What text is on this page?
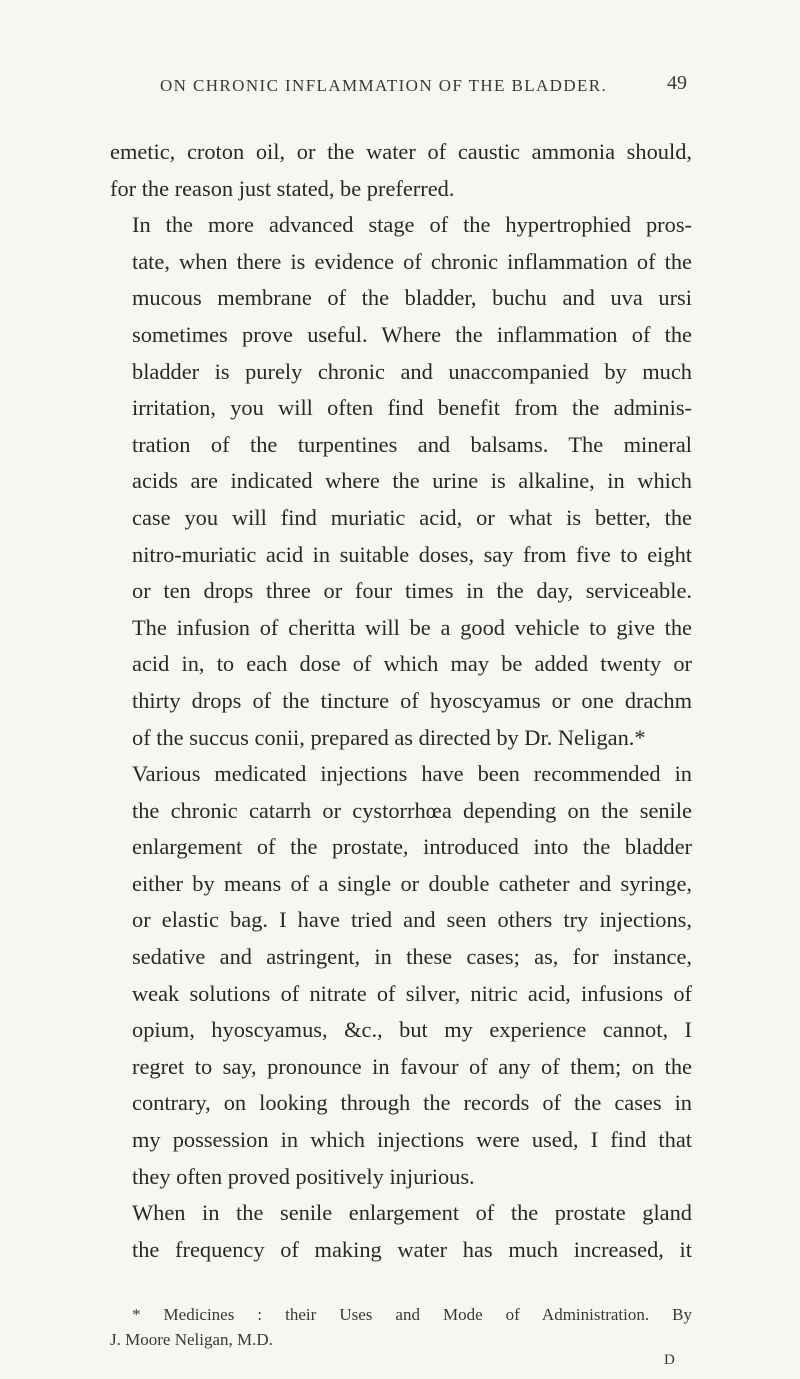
ON CHRONIC INFLAMMATION OF THE BLADDER.	49

emetic, croton oil, or the water of caustic ammonia should,
for the reason just stated, be preferred.

In the more advanced stage of the hypertrophied pros-
tate, when there is evidence of chronic inflammation of the
mucous membrane of the bladder, buchu and uva ursi
sometimes prove useful. Where the inflammation of the
bladder is purely chronic and unaccompanied by much
irritation, you will often find benefit from the adminis-
tration of the turpentines and balsams. The mineral
acids are indicated where the urine is alkaline, in which
case you will find muriatic acid, or what is better, the
nitro-muriatic acid in suitable doses, say from five to eight
or ten drops three or four times in the day, serviceable.
The infusion of cheritta will be a good vehicle to give the
acid in, to each dose of which may be added twenty or
thirty drops of the tincture of hyoscyamus or one drachm
of the succus conii, prepared as directed by Dr. Neligan.*

Various medicated injections have been recommended in
the chronic catarrh or cystorrhœa depending on the senile
enlargement of the prostate, introduced into the bladder
either by means of a single or double catheter and syringe,
or elastic bag. I have tried and seen others try injections,
sedative and astringent, in these cases; as, for instance,
weak solutions of nitrate of silver, nitric acid, infusions of
opium, hyoscyamus, &c., but my experience cannot, I
regret to say, pronounce in favour of any of them; on the
contrary, on looking through the records of the cases in
my possession in which injections were used, I find that
they often proved positively injurious.

When in the senile enlargement of the prostate gland
the frequency of making water has much increased, it

* Medicines : their Uses and Mode of Administration. By
J. Moore Neligan, M.D.
D
